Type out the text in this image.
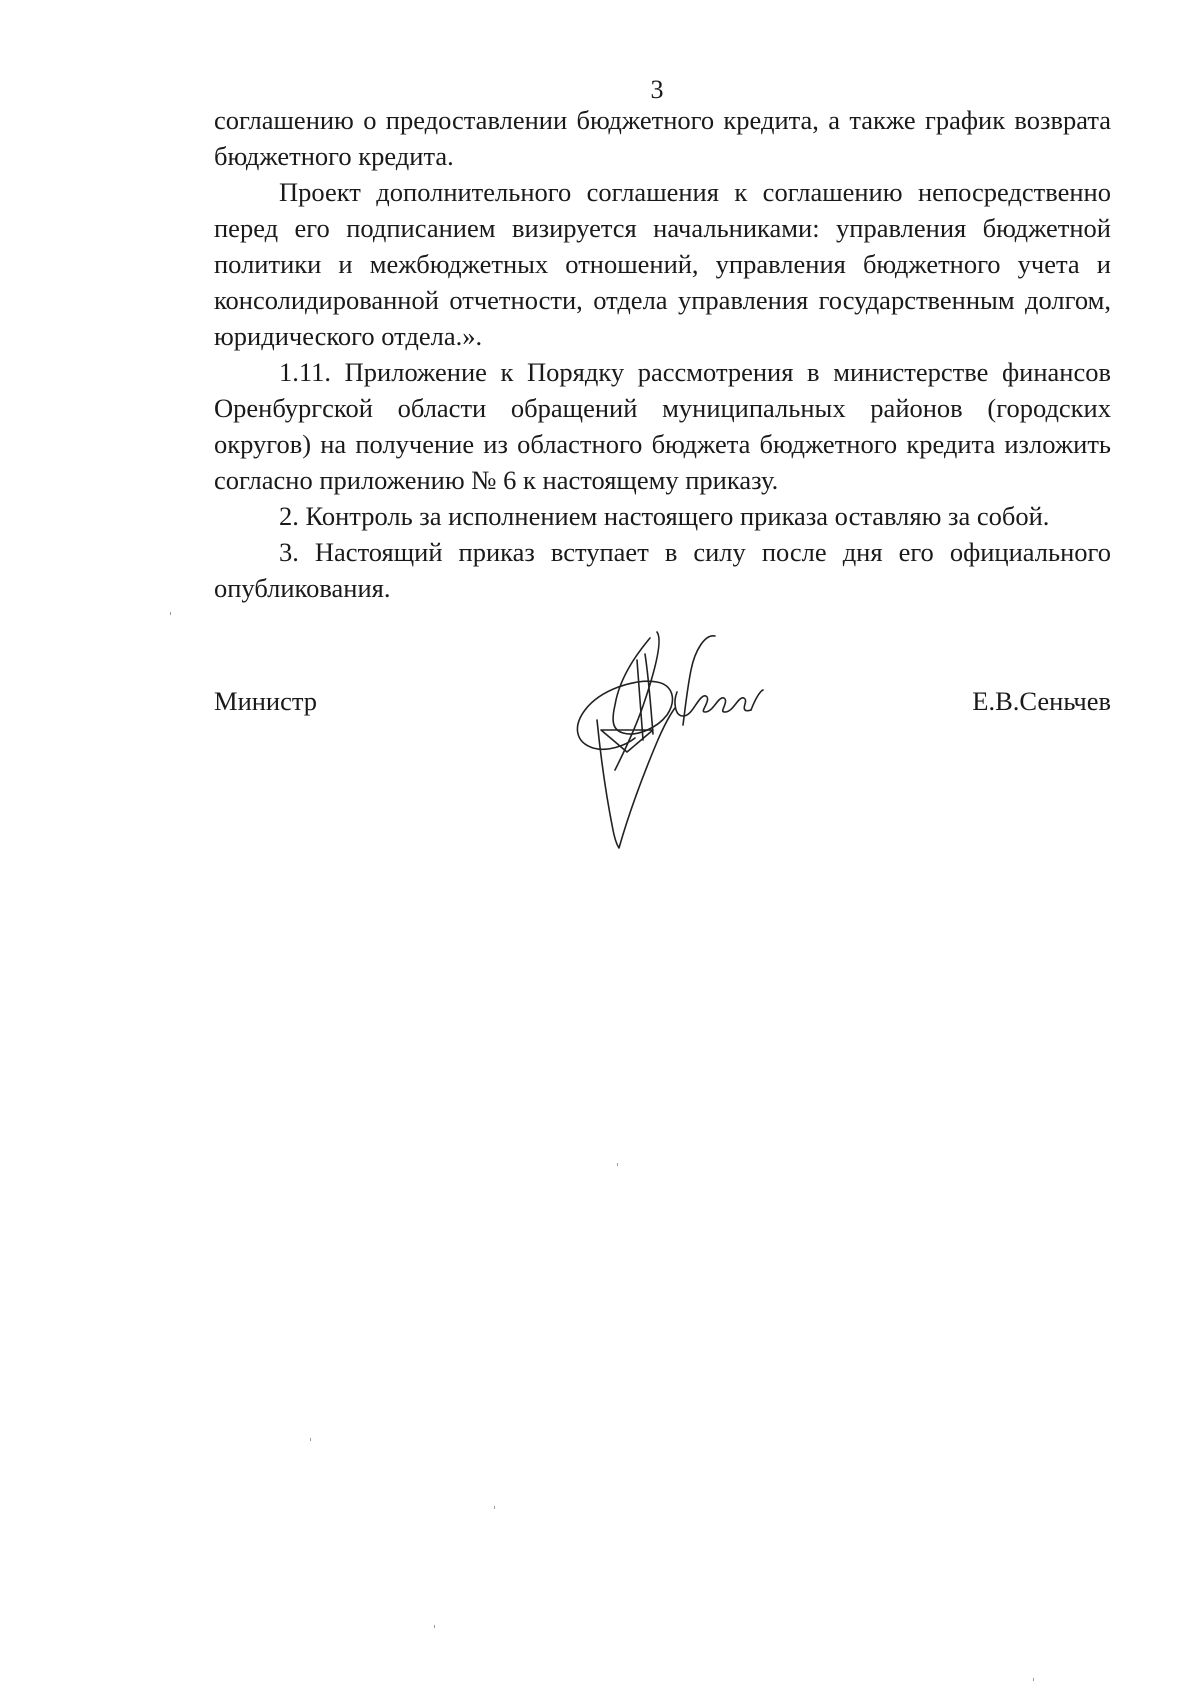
3

соглашению о предоставлении бюджетного кредита, а также график возврата бюджетного кредита.

Проект дополнительного соглашения к соглашению непосредственно перед его подписанием визируется начальниками: управления бюджетной политики и межбюджетных отношений, управления бюджетного учета и консолидированной отчетности, отдела управления государственным долгом, юридического отдела.».

1.11. Приложение к Порядку рассмотрения в министерстве финансов Оренбургской области обращений муниципальных районов (городских округов) на получение из областного бюджета бюджетного кредита изложить согласно приложению № 6 к настоящему приказу.

2. Контроль за исполнением настоящего приказа оставляю за собой.

3. Настоящий приказ вступает в силу после дня его официального опубликования.

Министр	Е.В.Сеньчев
